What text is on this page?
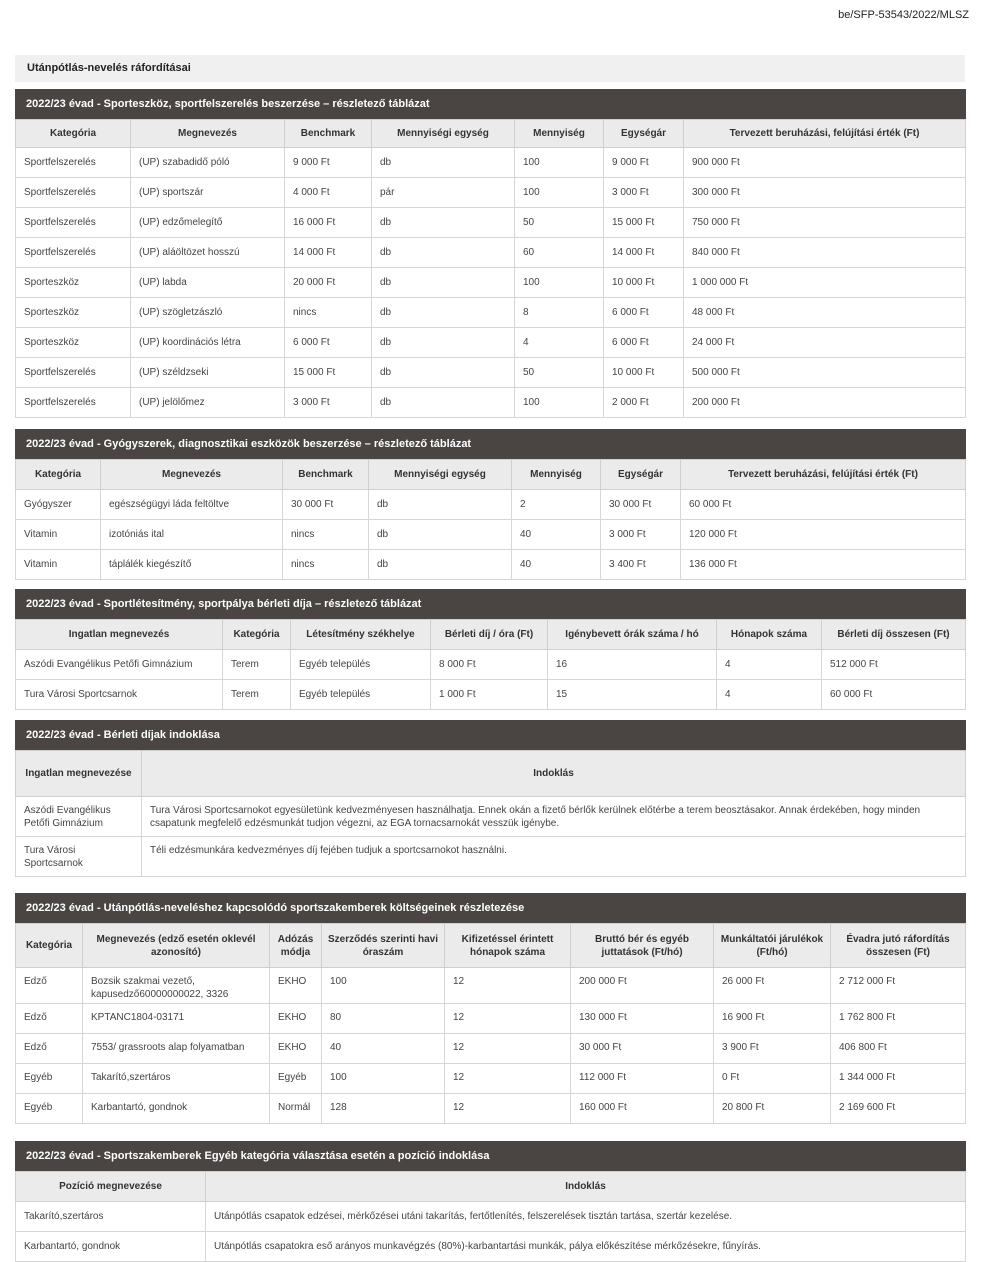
be/SFP-53543/2022/MLSZ
Utánpótlás-nevelés ráfordításai
2022/23 évad - Sporteszköz, sportfelszerelés beszerzése – részletező táblázat
Kategória	Megnevezés	Benchmark	Mennyiségi egység	Mennyiség	Egységár	Tervezett beruházási, felújítási érték (Ft)
Sportfelszerelés	(UP) szabadidő póló	9 000 Ft	db	100	9 000 Ft	900 000 Ft
Sportfelszerelés	(UP) sportszár	4 000 Ft	pár	100	3 000 Ft	300 000 Ft
Sportfelszerelés	(UP) edzőmelegítő	16 000 Ft	db	50	15 000 Ft	750 000 Ft
Sportfelszerelés	(UP) aláöltözet hosszú	14 000 Ft	db	60	14 000 Ft	840 000 Ft
Sporteszköz	(UP) labda	20 000 Ft	db	100	10 000 Ft	1 000 000 Ft
Sporteszköz	(UP) szögletzászló	nincs	db	8	6 000 Ft	48 000 Ft
Sporteszköz	(UP) koordinációs létra	6 000 Ft	db	4	6 000 Ft	24 000 Ft
Sportfelszerelés	(UP) széldzseki	15 000 Ft	db	50	10 000 Ft	500 000 Ft
Sportfelszerelés	(UP) jelölőmez	3 000 Ft	db	100	2 000 Ft	200 000 Ft
2022/23 évad - Gyógyszerek, diagnosztikai eszközök beszerzése – részletező táblázat
Kategória	Megnevezés	Benchmark	Mennyiségi egység	Mennyiség	Egységár	Tervezett beruházási, felújítási érték (Ft)
Gyógyszer	egészségügyi láda feltöltve	30 000 Ft	db	2	30 000 Ft	60 000 Ft
Vitamin	izotóniás ital	nincs	db	40	3 000 Ft	120 000 Ft
Vitamin	táplálék kiegészítő	nincs	db	40	3 400 Ft	136 000 Ft
2022/23 évad - Sportlétesítmény, sportpálya bérleti díja – részletező táblázat
Ingatlan megnevezés	Kategória	Létesítmény székhelye	Bérleti díj / óra (Ft)	Igénybevett órák száma / hó	Hónapok száma	Bérleti díj összesen (Ft)
Aszódi Evangélikus Petőfi Gimnázium	Terem	Egyéb település	8 000 Ft	16	4	512 000 Ft
Tura Városi Sportcsarnok	Terem	Egyéb település	1 000 Ft	15	4	60 000 Ft
2022/23 évad - Bérleti díjak indoklása
Ingatlan megnevezése	Indoklás
Aszódi Evangélikus Petőfi Gimnázium	Tura Városi Sportcsarnokot egyesületünk kedvezményesen használhatja. Ennek okán a fizető bérlők kerülnek előtérbe a terem beosztásakor. Annak érdekében, hogy minden csapatunk megfelelő edzésmunkát tudjon végezni, az EGA tornacsarnokát vesszük igénybe.
Tura Városi Sportcsarnok	Téli edzésmunkára kedvezményes díj fejében tudjuk a sportcsarnokot használni.
2022/23 évad - Utánpótlás-neveléshez kapcsolódó sportszakemberek költségeinek részletezése
Kategória	Megnevezés (edző esetén oklevél azonosító)	Adózás módja	Szerződés szerinti havi óraszám	Kifizetéssel érintett hónapok száma	Bruttó bér és egyéb juttatások (Ft/hó)	Munkáltatói járulékok (Ft/hó)	Évadra jutó ráfordítás összesen (Ft)
Edző	Bozsik szakmai vezető, kapusedző60000000022, 3326	EKHO	100	12	200 000 Ft	26 000 Ft	2 712 000 Ft
Edző	KPTANC1804-03171	EKHO	80	12	130 000 Ft	16 900 Ft	1 762 800 Ft
Edző	7553/ grassroots alap folyamatban	EKHO	40	12	30 000 Ft	3 900 Ft	406 800 Ft
Egyéb	Takarító,szertáros	Egyéb	100	12	112 000 Ft	0 Ft	1 344 000 Ft
Egyéb	Karbantartó, gondnok	Normál	128	12	160 000 Ft	20 800 Ft	2 169 600 Ft
2022/23 évad - Sportszakemberek Egyéb kategória választása esetén a pozíció indoklása
Pozíció megnevezése	Indoklás
Takarító,szertáros	Utánpótlás csapatok edzései, mérkőzései utáni takarítás, fertőtlenítés, felszerelések tisztán tartása, szertár kezelése.
Karbantartó, gondnok	Utánpótlás csapatokra eső arányos munkavégzés (80%)-karbantartási munkák, pálya előkészítése mérkőzésekre, fűnyírás.
